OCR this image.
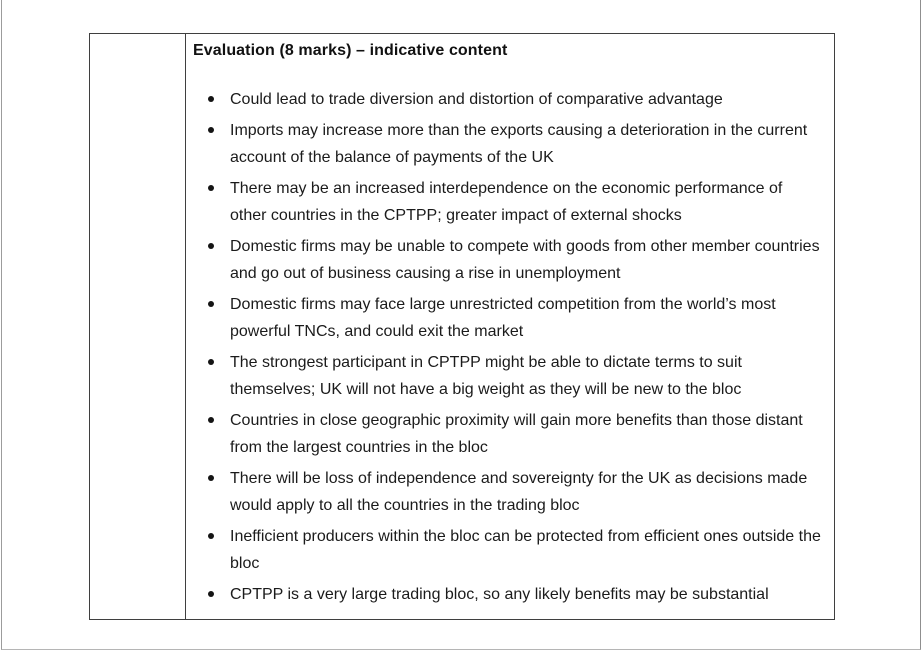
Evaluation (8 marks) – indicative content
Could lead to trade diversion and distortion of comparative advantage
Imports may increase more than the exports causing a deterioration in the current account of the balance of payments of the UK
There may be an increased interdependence on the economic performance of other countries in the CPTPP; greater impact of external shocks
Domestic firms may be unable to compete with goods from other member countries and go out of business causing a rise in unemployment
Domestic firms may face large unrestricted competition from the world’s most powerful TNCs, and could exit the market
The strongest participant in CPTPP might be able to dictate terms to suit themselves; UK will not have a big weight as they will be new to the bloc
Countries in close geographic proximity will gain more benefits than those distant from the largest countries in the bloc
There will be loss of independence and sovereignty for the UK as decisions made would apply to all the countries in the trading bloc
Inefficient producers within the bloc can be protected from efficient ones outside the bloc
CPTPP is a very large trading bloc, so any likely benefits may be substantial
